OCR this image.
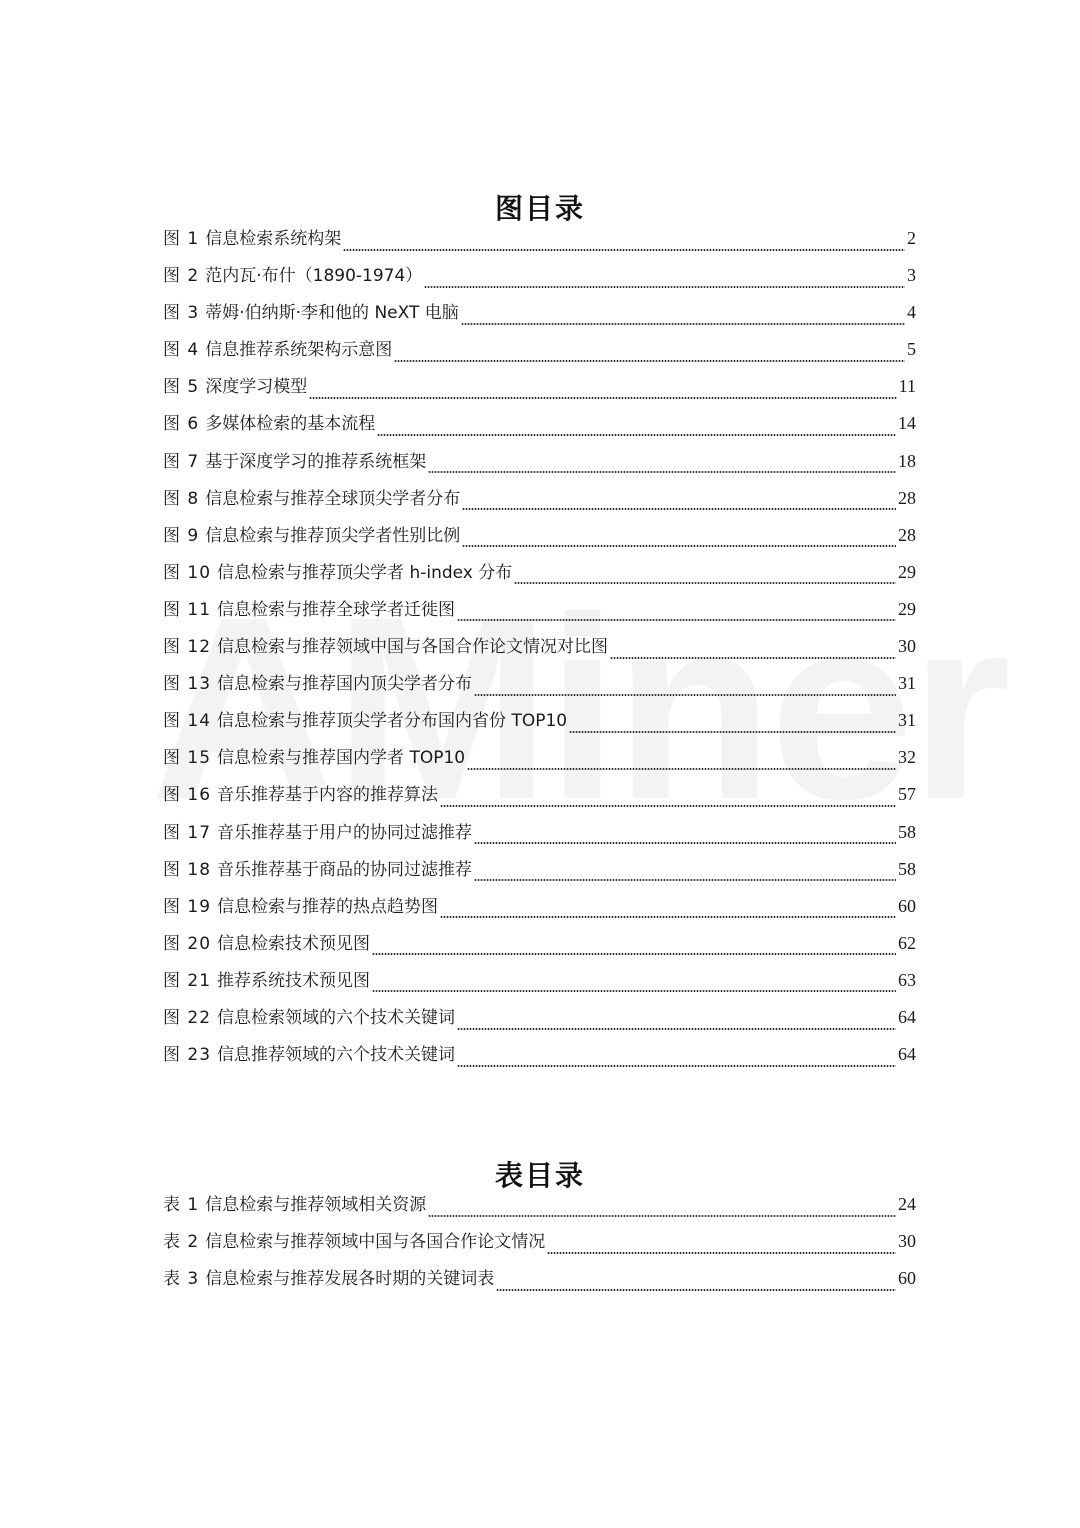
图目录
图 1 信息检索系统构架	2
图 2 范内瓦·布什（1890-1974）	3
图 3 蒂姆·伯纳斯·李和他的 NeXT 电脑	4
图 4 信息推荐系统架构示意图	5
图 5 深度学习模型	11
图 6 多媒体检索的基本流程	14
图 7 基于深度学习的推荐系统框架	18
图 8 信息检索与推荐全球顶尖学者分布	28
图 9 信息检索与推荐顶尖学者性别比例	28
图 10 信息检索与推荐顶尖学者 h-index 分布	29
图 11 信息检索与推荐全球学者迁徙图	29
图 12 信息检索与推荐领域中国与各国合作论文情况对比图	30
图 13 信息检索与推荐国内顶尖学者分布	31
图 14 信息检索与推荐顶尖学者分布国内省份 TOP10	31
图 15 信息检索与推荐国内学者 TOP10	32
图 16 音乐推荐基于内容的推荐算法	57
图 17 音乐推荐基于用户的协同过滤推荐	58
图 18 音乐推荐基于商品的协同过滤推荐	58
图 19 信息检索与推荐的热点趋势图	60
图 20 信息检索技术预见图	62
图 21 推荐系统技术预见图	63
图 22 信息检索领域的六个技术关键词	64
图 23 信息推荐领域的六个技术关键词	64
表目录
表 1 信息检索与推荐领域相关资源	24
表 2 信息检索与推荐领域中国与各国合作论文情况	30
表 3 信息检索与推荐发展各时期的关键词表	60
